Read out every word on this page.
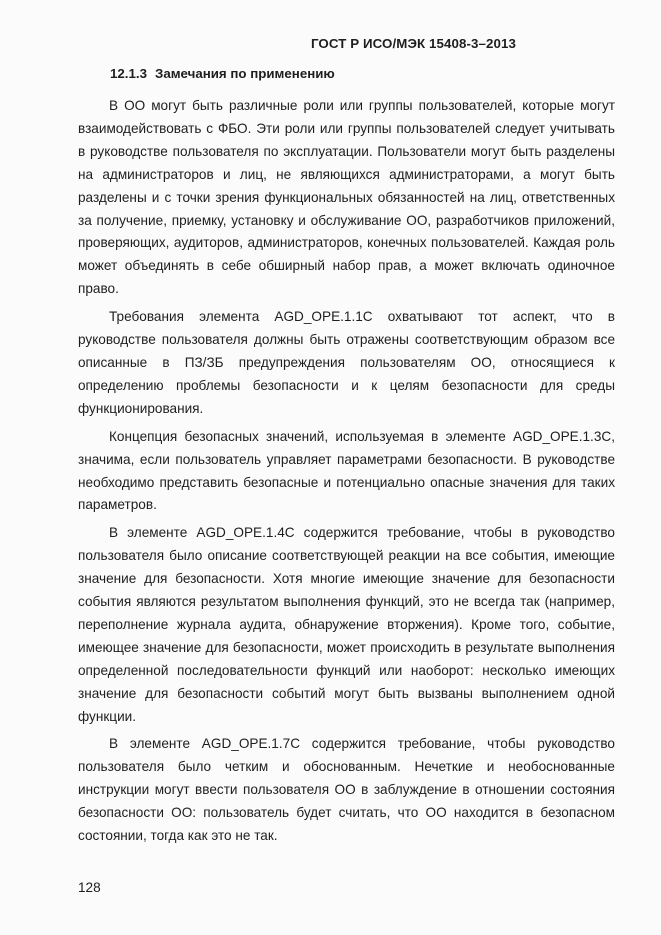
ГОСТ Р ИСО/МЭК 15408-3–2013
12.1.3 Замечания по применению

В ОО могут быть различные роли или группы пользователей, которые могут взаимодействовать с ФБО. Эти роли или группы пользователей следует учитывать в руководстве пользователя по эксплуатации. Пользователи могут быть разделены на администраторов и лиц, не являющихся администраторами, а могут быть разделены и с точки зрения функциональных обязанностей на лиц, ответственных за получение, приемку, установку и обслуживание ОО, разработчиков приложений, проверяющих, аудиторов, администраторов, конечных пользователей. Каждая роль может объединять в себе обширный набор прав, а может включать одиночное право.

Требования элемента AGD_OPE.1.1C охватывают тот аспект, что в руководстве пользователя должны быть отражены соответствующим образом все описанные в ПЗ/ЗБ предупреждения пользователям ОО, относящиеся к определению проблемы безопасности и к целям безопасности для среды функционирования.

Концепция безопасных значений, используемая в элементе AGD_OPE.1.3C, значима, если пользователь управляет параметрами безопасности. В руководстве необходимо представить безопасные и потенциально опасные значения для таких параметров.

В элементе AGD_OPE.1.4C содержится требование, чтобы в руководство пользователя было описание соответствующей реакции на все события, имеющие значение для безопасности. Хотя многие имеющие значение для безопасности события являются результатом выполнения функций, это не всегда так (например, переполнение журнала аудита, обнаружение вторжения). Кроме того, событие, имеющее значение для безопасности, может происходить в результате выполнения определенной последовательности функций или наоборот: несколько имеющих значение для безопасности событий могут быть вызваны выполнением одной функции.

В элементе AGD_OPE.1.7C содержится требование, чтобы руководство пользователя было четким и обоснованным. Нечеткие и необоснованные инструкции могут ввести пользователя ОО в заблуждение в отношении состояния безопасности ОО: пользователь будет считать, что ОО находится в безопасном состоянии, тогда как это не так.

128
